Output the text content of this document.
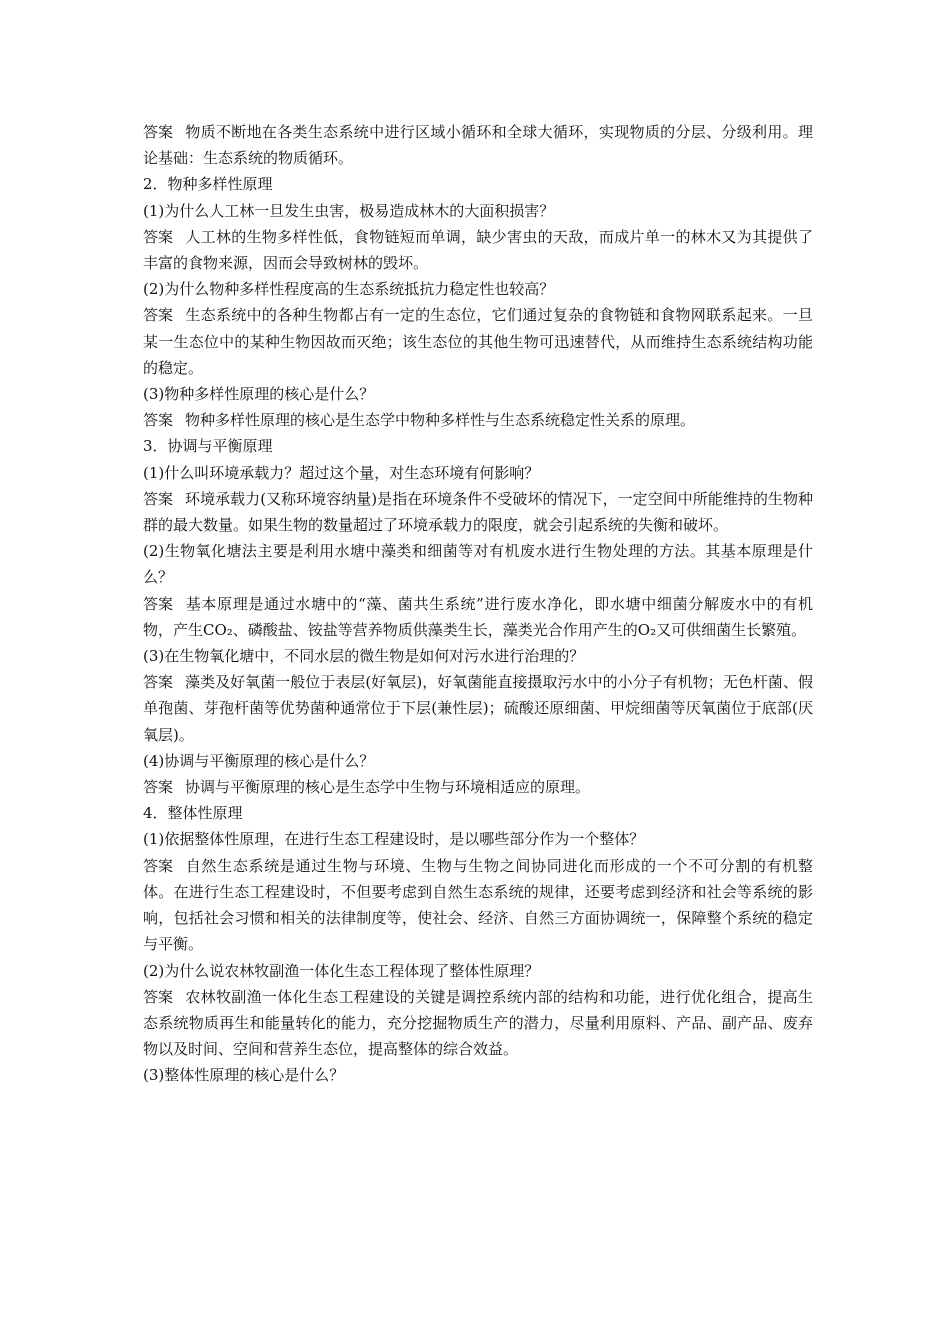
答案 物质不断地在各类生态系统中进行区域小循环和全球大循环，实现物质的分层、分级利用。理论基础：生态系统的物质循环。

2．物种多样性原理

(1)为什么人工林一旦发生虫害，极易造成林木的大面积损害？

答案 人工林的生物多样性低，食物链短而单调，缺少害虫的天敌，而成片单一的林木又为其提供了丰富的食物来源，因而会导致树林的毁坏。

(2)为什么物种多样性程度高的生态系统抵抗力稳定性也较高？

答案 生态系统中的各种生物都占有一定的生态位，它们通过复杂的食物链和食物网联系起来。一旦某一生态位中的某种生物因故而灭绝；该生态位的其他生物可迅速替代，从而维持生态系统结构功能的稳定。

(3)物种多样性原理的核心是什么？

答案 物种多样性原理的核心是生态学中物种多样性与生态系统稳定性关系的原理。

3．协调与平衡原理

(1)什么叫环境承载力？超过这个量，对生态环境有何影响？

答案 环境承载力(又称环境容纳量)是指在环境条件不受破坏的情况下，一定空间中所能维持的生物种群的最大数量。如果生物的数量超过了环境承载力的限度，就会引起系统的失衡和破坏。

(2)生物氧化塘法主要是利用水塘中藻类和细菌等对有机废水进行生物处理的方法。其基本原理是什么？

答案 基本原理是通过水塘中的“藻、菌共生系统”进行废水净化，即水塘中细菌分解废水中的有机物，产生CO₂、磷酸盐、铵盐等营养物质供藻类生长，藻类光合作用产生的O₂又可供细菌生长繁殖。

(3)在生物氧化塘中，不同水层的微生物是如何对污水进行治理的？

答案 藻类及好氧菌一般位于表层(好氧层)，好氧菌能直接摄取污水中的小分子有机物；无色杆菌、假单孢菌、芽孢杆菌等优势菌种通常位于下层(兼性层)；硫酸还原细菌、甲烷细菌等厌氧菌位于底部(厌氧层)。

(4)协调与平衡原理的核心是什么？

答案 协调与平衡原理的核心是生态学中生物与环境相适应的原理。

4．整体性原理

(1)依据整体性原理，在进行生态工程建设时，是以哪些部分作为一个整体？

答案 自然生态系统是通过生物与环境、生物与生物之间协同进化而形成的一个不可分割的有机整体。在进行生态工程建设时，不但要考虑到自然生态系统的规律，还要考虑到经济和社会等系统的影响，包括社会习惯和相关的法律制度等，使社会、经济、自然三方面协调统一，保障整个系统的稳定与平衡。

(2)为什么说农林牧副渔一体化生态工程体现了整体性原理？

答案 农林牧副渔一体化生态工程建设的关键是调控系统内部的结构和功能，进行优化组合，提高生态系统物质再生和能量转化的能力，充分挖掘物质生产的潜力，尽量利用原料、产品、副产品、废弃物以及时间、空间和营养生态位，提高整体的综合效益。

(3)整体性原理的核心是什么？
